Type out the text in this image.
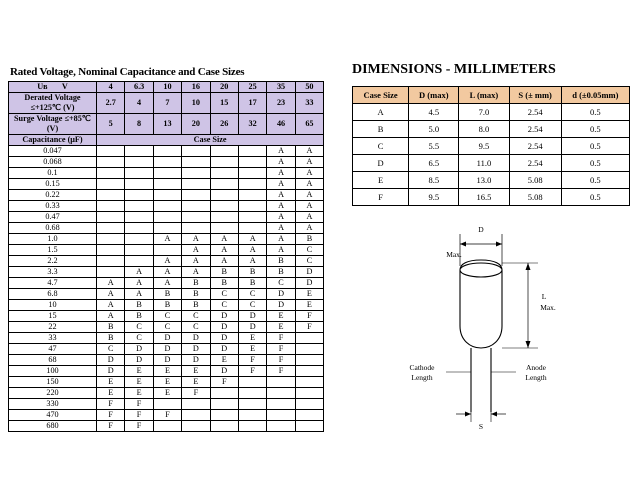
Rated Voltage, Nominal Capacitance and Case Sizes
Uʙ       V	4	6.3	10	16	20	25	35	50
Derated Voltage ≤+125℃ (V)	2.7	4	7	10	15	17	23	33
Surge Voltage ≤+85℃ (V)	5	8	13	20	26	32	46	65
Capacitance (μF)	Case Size							
0.047							A	A
0.068							A	A
0.1							A	A
0.15							A	A
0.22							A	A
0.33							A	A
0.47							A	A
0.68							A	A
1.0			A	A	A	A	A	B
1.5				A	A	A	A	C
2.2			A	A	A	A	B	C
3.3		A	A	A	B	B	B	D
4.7	A	A	A	B	B	B	C	D
6.8	A	A	B	B	C	C	D	E
10	A	B	B	B	C	C	D	E
15	A	B	C	C	D	D	E	F
22	B	C	C	C	D	D	E	F
33	B	C	D	D	D	E	F	
47	C	D	D	D	D	E	F	
68	D	D	D	D	E	F	F	
100	D	E	E	E	D	F	F	
150	E	E	E	E	F			
220	E	E	E	F				
330	F	F						
470	F	F	F					
680	F	F						
DIMENSIONS - MILLIMETERS
Case Size	D (max)	L (max)	S (± mm)	d (±0.05mm)
A	4.5	7.0	2.54	0.5
B	5.0	8.0	2.54	0.5
C	5.5	9.5	2.54	0.5
D	6.5	11.0	2.54	0.5
E	8.5	13.0	5.08	0.5
F	9.5	16.5	5.08	0.5
D
Max.
L
Max.
Cathode
Length
Anode
Length
S
